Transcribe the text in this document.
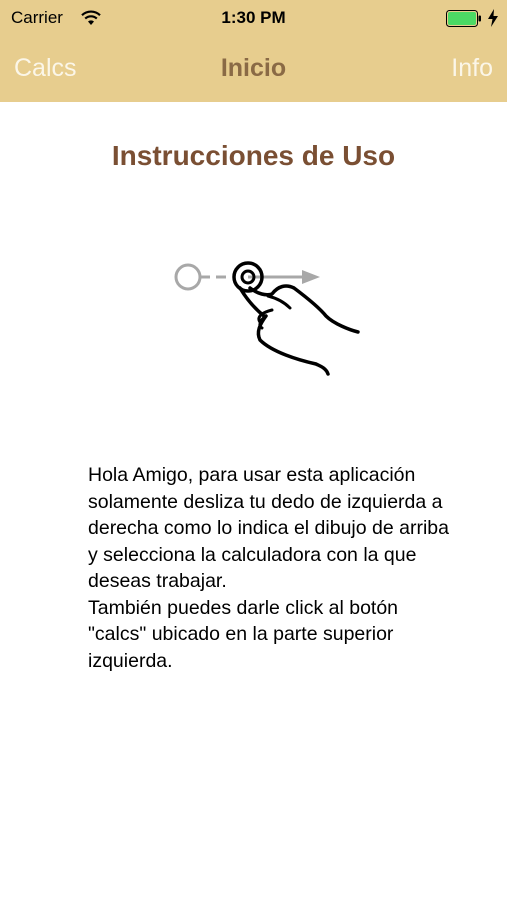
Carrier	1:30 PM
Calcs	Inicio	Info
Instrucciones de Uso

Hola Amigo, para usar esta aplicación solamente desliza tu dedo de izquierda a derecha como lo indica el dibujo de arriba y selecciona la calculadora con la que deseas trabajar.

También puedes darle click al botón "calcs" ubicado en la parte superior izquierda.
